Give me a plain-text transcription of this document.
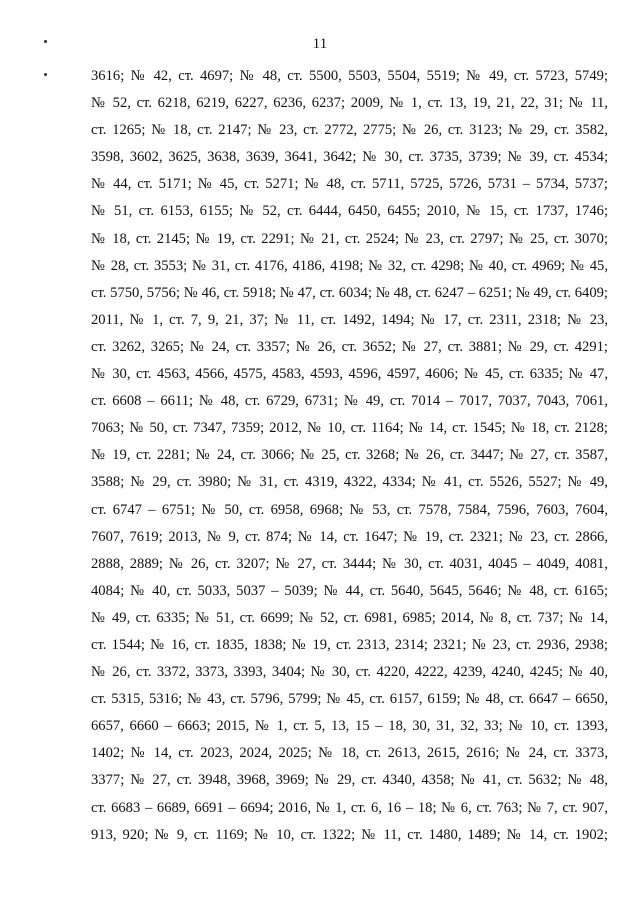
11
3616; № 42, ст. 4697; № 48, ст. 5500, 5503, 5504, 5519; № 49, ст. 5723, 5749;
№ 52, ст. 6218, 6219, 6227, 6236, 6237; 2009, № 1, ст. 13, 19, 21, 22, 31; № 11,
ст. 1265; № 18, ст. 2147; № 23, ст. 2772, 2775; № 26, ст. 3123; № 29, ст. 3582,
3598, 3602, 3625, 3638, 3639, 3641, 3642; № 30, ст. 3735, 3739; № 39, ст. 4534;
№ 44, ст. 5171; № 45, ст. 5271; № 48, ст. 5711, 5725, 5726, 5731 – 5734, 5737;
№ 51, ст. 6153, 6155; № 52, ст. 6444, 6450, 6455; 2010, № 15, ст. 1737, 1746;
№ 18, ст. 2145; № 19, ст. 2291; № 21, ст. 2524; № 23, ст. 2797; № 25, ст. 3070;
№ 28, ст. 3553; № 31, ст. 4176, 4186, 4198; № 32, ст. 4298; № 40, ст. 4969; № 45,
ст. 5750, 5756; № 46, ст. 5918; № 47, ст. 6034; № 48, ст. 6247 – 6251; № 49, ст. 6409;
2011, № 1, ст. 7, 9, 21, 37; № 11, ст. 1492, 1494; № 17, ст. 2311, 2318; № 23,
ст. 3262, 3265; № 24, ст. 3357; № 26, ст. 3652; № 27, ст. 3881; № 29, ст. 4291;
№ 30, ст. 4563, 4566, 4575, 4583, 4593, 4596, 4597, 4606; № 45, ст. 6335; № 47,
ст. 6608 – 6611; № 48, ст. 6729, 6731; № 49, ст. 7014 – 7017, 7037, 7043, 7061,
7063; № 50, ст. 7347, 7359; 2012, № 10, ст. 1164; № 14, ст. 1545; № 18, ст. 2128;
№ 19, ст. 2281; № 24, ст. 3066; № 25, ст. 3268; № 26, ст. 3447; № 27, ст. 3587,
3588; № 29, ст. 3980; № 31, ст. 4319, 4322, 4334; № 41, ст. 5526, 5527; № 49,
ст. 6747 – 6751; № 50, ст. 6958, 6968; № 53, ст. 7578, 7584, 7596, 7603, 7604,
7607, 7619; 2013, № 9, ст. 874; № 14, ст. 1647; № 19, ст. 2321; № 23, ст. 2866,
2888, 2889; № 26, ст. 3207; № 27, ст. 3444; № 30, ст. 4031, 4045 – 4049, 4081,
4084; № 40, ст. 5033, 5037 – 5039; № 44, ст. 5640, 5645, 5646; № 48, ст. 6165;
№ 49, ст. 6335; № 51, ст. 6699; № 52, ст. 6981, 6985; 2014, № 8, ст. 737; № 14,
ст. 1544; № 16, ст. 1835, 1838; № 19, ст. 2313, 2314; 2321; № 23, ст. 2936, 2938;
№ 26, ст. 3372, 3373, 3393, 3404; № 30, ст. 4220, 4222, 4239, 4240, 4245; № 40,
ст. 5315, 5316; № 43, ст. 5796, 5799; № 45, ст. 6157, 6159; № 48, ст. 6647 – 6650,
6657, 6660 – 6663; 2015, № 1, ст. 5, 13, 15 – 18, 30, 31, 32, 33; № 10, ст. 1393,
1402; № 14, ст. 2023, 2024, 2025; № 18, ст. 2613, 2615, 2616; № 24, ст. 3373,
3377; № 27, ст. 3948, 3968, 3969; № 29, ст. 4340, 4358; № 41, ст. 5632; № 48,
ст. 6683 – 6689, 6691 – 6694; 2016, № 1, ст. 6, 16 – 18; № 6, ст. 763; № 7, ст. 907,
913, 920; № 9, ст. 1169; № 10, ст. 1322; № 11, ст. 1480, 1489; № 14, ст. 1902;
